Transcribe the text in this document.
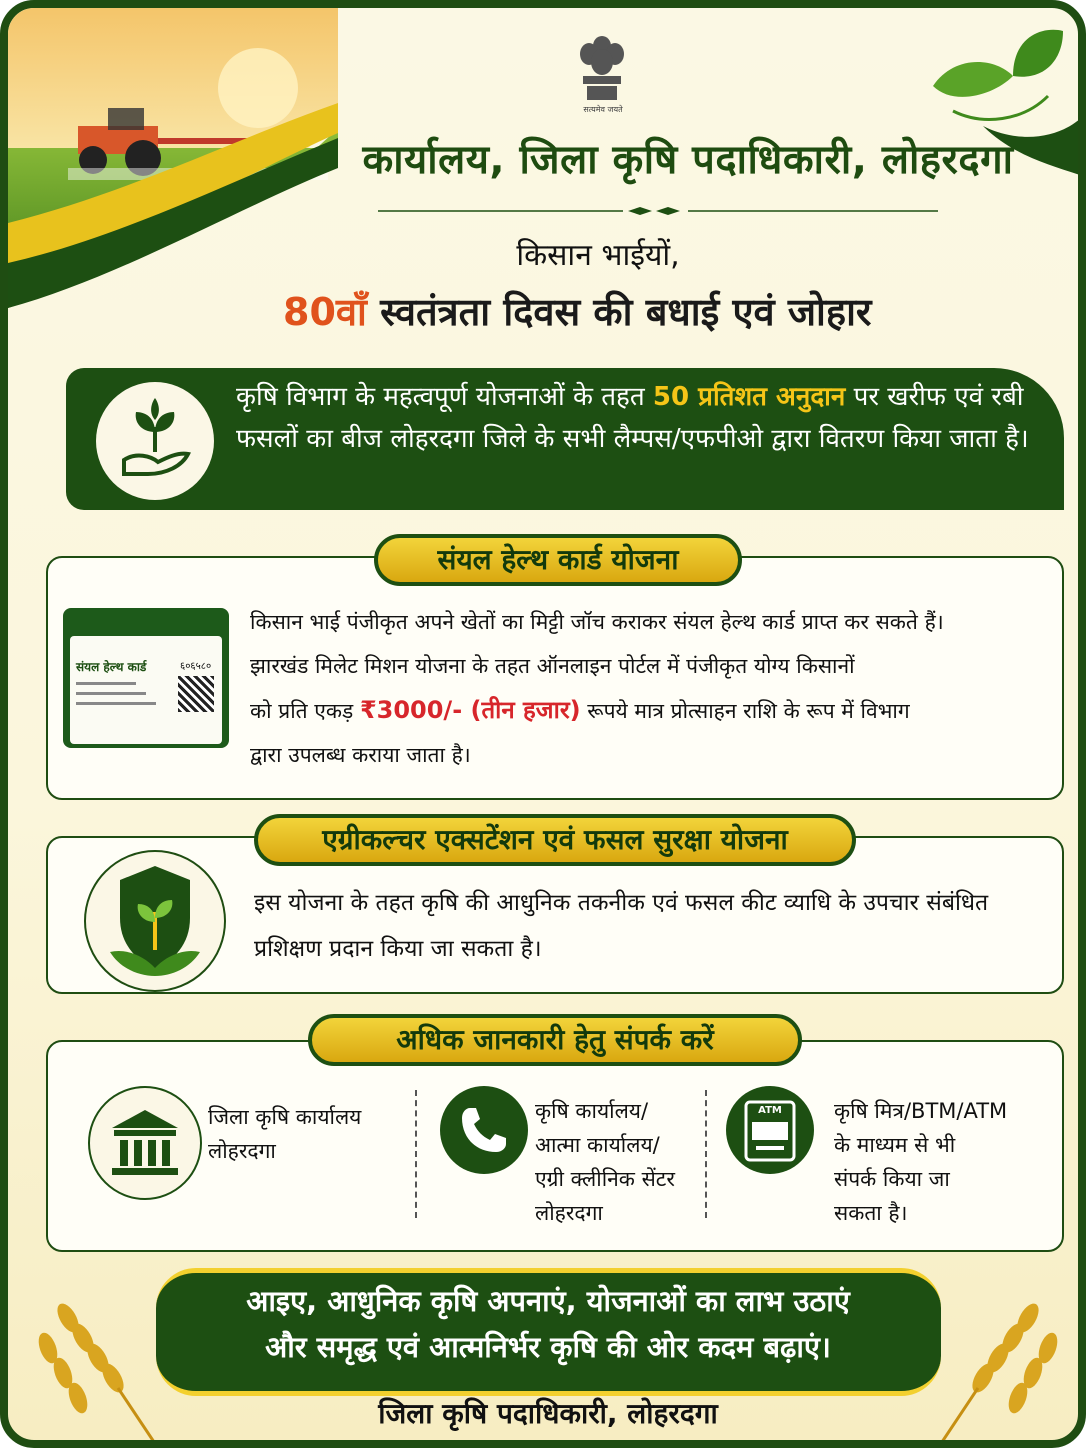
सत्यमेव जयते
कार्यालय, जिला कृषि पदाधिकारी, लोहरदगा
किसान भाईयों,
80वाँ स्वतंत्रता दिवस की बधाई एवं जोहार
कृषि विभाग के महत्वपूर्ण योजनाओं के तहत 50 प्रतिशत अनुदान पर खरीफ एवं रबी फसलों का बीज लोहरदगा जिले के सभी लैम्पस/एफपीओ द्वारा वितरण किया जाता है।
संयल हेल्थ कार्ड योजना
संयल हेल्थ कार्ड	६०६५८०
किसान भाई पंजीकृत अपने खेतों का मिट्टी जॉच कराकर संयल हेल्थ कार्ड प्राप्त कर सकते हैं।
झारखंड मिलेट मिशन योजना के तहत ऑनलाइन पोर्टल में पंजीकृत योग्य किसानों
को प्रति एकड़ ₹3000/- (तीन हजार) रूपये मात्र प्रोत्साहन राशि के रूप में विभाग
द्वारा उपलब्ध कराया जाता है।
एग्रीकल्चर एक्सटेंशन एवं फसल सुरक्षा योजना
इस योजना के तहत कृषि की आधुनिक तकनीक एवं फसल कीट व्याधि के उपचार संबंधित प्रशिक्षण प्रदान किया जा सकता है।
अधिक जानकारी हेतु संपर्क करें
जिला कृषि कार्यालय
लोहरदगा
कृषि कार्यालय/
आत्मा कार्यालय/
एग्री क्लीनिक सेंटर
लोहरदगा
ATM कृषि मित्र/BTM/ATM
के माध्यम से भी
संपर्क किया जा
सकता है।
आइए, आधुनिक कृषि अपनाएं, योजनाओं का लाभ उठाएं
और समृद्ध एवं आत्मनिर्भर कृषि की ओर कदम बढ़ाएं।
जिला कृषि पदाधिकारी, लोहरदगा
